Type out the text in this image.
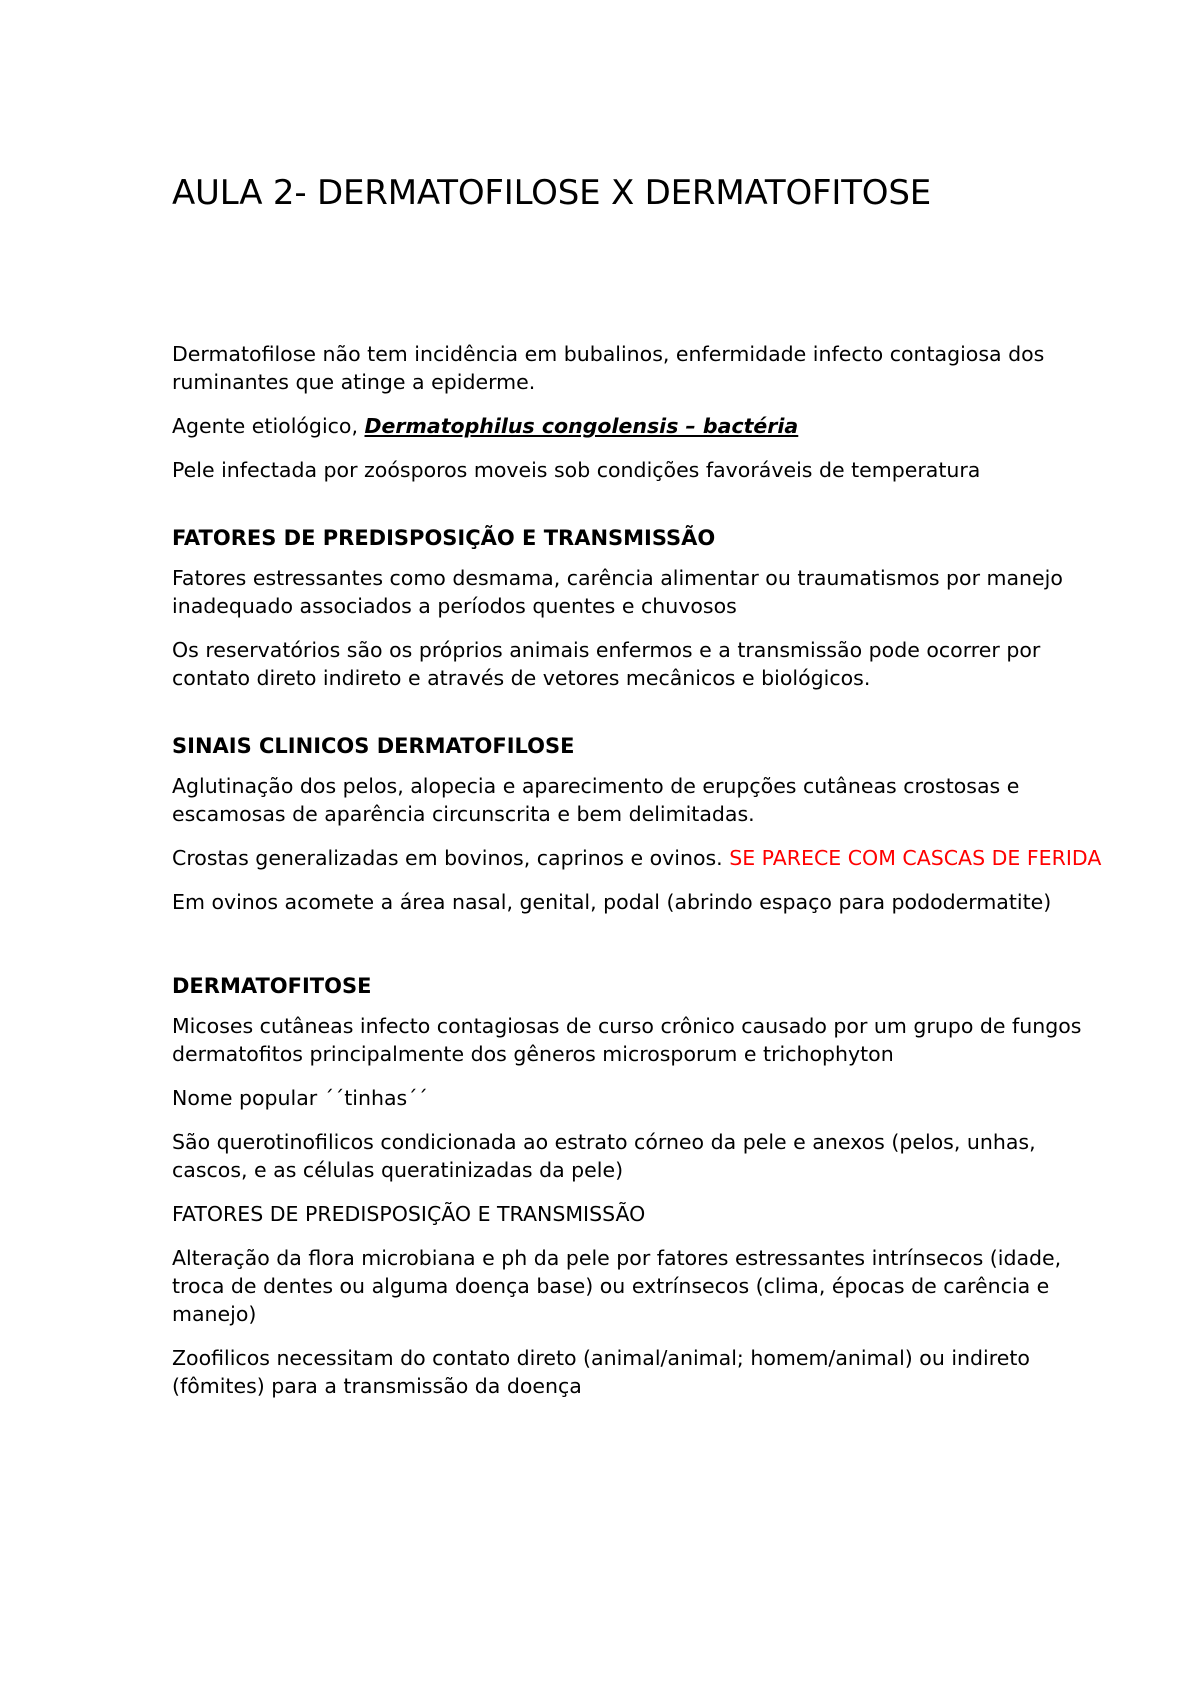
AULA 2- DERMATOFILOSE X DERMATOFITOSE

Dermatofilose não tem incidência em bubalinos, enfermidade infecto contagiosa dos ruminantes que atinge a epiderme.

Agente etiológico, Dermatophilus congolensis – bactéria

Pele infectada por zoósporos moveis sob condições favoráveis de temperatura

FATORES DE PREDISPOSIÇÃO E TRANSMISSÃO

Fatores estressantes como desmama, carência alimentar ou traumatismos por manejo inadequado associados a períodos quentes e chuvosos

Os reservatórios são os próprios animais enfermos e a transmissão pode ocorrer por contato direto indireto e através de vetores mecânicos e biológicos.

SINAIS CLINICOS DERMATOFILOSE

Aglutinação dos pelos, alopecia e aparecimento de erupções cutâneas crostosas e escamosas de aparência circunscrita e bem delimitadas.

Crostas generalizadas em bovinos, caprinos e ovinos. SE PARECE COM CASCAS DE FERIDA

Em ovinos acomete a área nasal, genital, podal (abrindo espaço para pododermatite)

DERMATOFITOSE

Micoses cutâneas infecto contagiosas de curso crônico causado por um grupo de fungos dermatofitos principalmente dos gêneros microsporum e trichophyton

Nome popular ´´tinhas´´

São querotinofilicos condicionada ao estrato córneo da pele e anexos (pelos, unhas, cascos, e as células queratinizadas da pele)

FATORES DE PREDISPOSIÇÃO E TRANSMISSÃO

Alteração da flora microbiana e ph da pele por fatores estressantes intrínsecos (idade, troca de dentes ou alguma doença base) ou extrínsecos (clima, épocas de carência e manejo)

Zoofilicos necessitam do contato direto (animal/animal; homem/animal) ou indireto (fômites) para a transmissão da doença
